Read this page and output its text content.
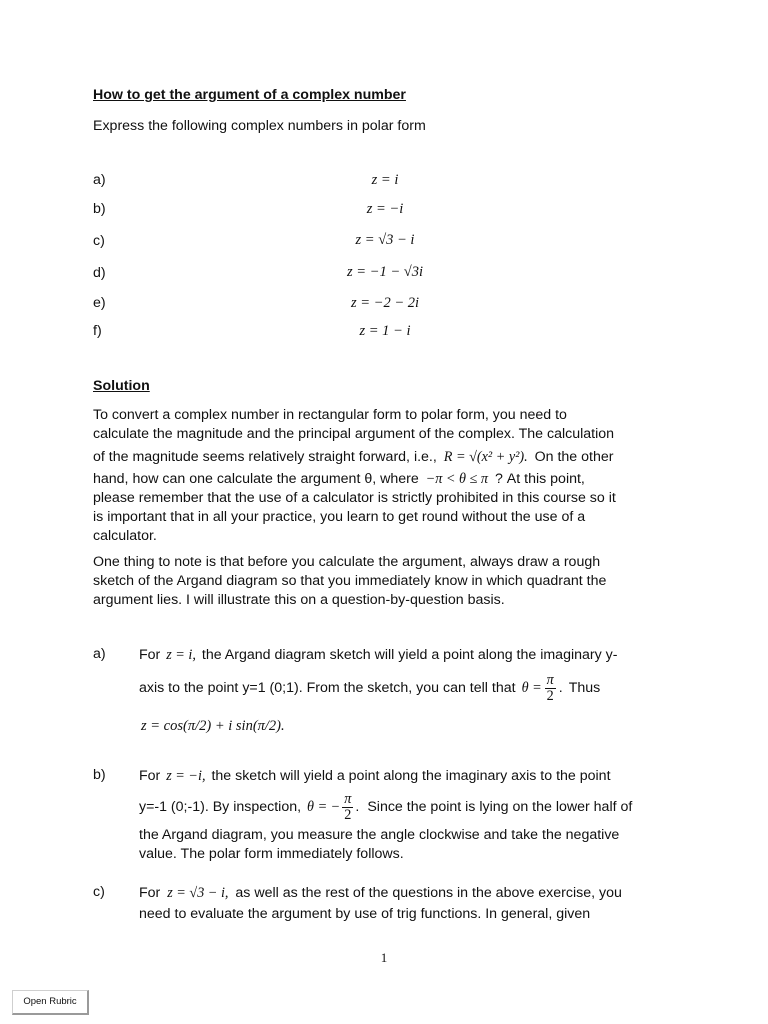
How to get the argument of a complex number
Express the following complex numbers in polar form
a)	z = i
b)	z = −i
c)	z = √3 − i
d)	z = −1 − √3i
e)	z = −2 − 2i
f)	z = 1 − i
Solution
To convert a complex number in rectangular form to polar form, you need to
calculate the magnitude and the principal argument of the complex. The calculation
of the magnitude seems relatively straight forward, i.e., R = √(x² + y²). On the other
hand, how can one calculate the argument θ, where −π < θ ≤ π ? At this point,
please remember that the use of a calculator is strictly prohibited in this course so it
is important that in all your practice, you learn to get round without the use of a
calculator.
One thing to note is that before you calculate the argument, always draw a rough
sketch of the Argand diagram so that you immediately know in which quadrant the
argument lies. I will illustrate this on a question-by-question basis.
a) For z = i, the Argand diagram sketch will yield a point along the imaginary y-
axis to the point y=1 (0;1). From the sketch, you can tell that $\theta = \frac{\pi}{2}$ . Thus
z = cos(π/2) + i sin(π/2).
b) For z = −i, the sketch will yield a point along the imaginary axis to the point
y=-1 (0;-1). By inspection, θ = − $\frac{\pi}{2}$ . Since the point is lying on the lower half of
the Argand diagram, you measure the angle clockwise and take the negative
value. The polar form immediately follows.
c) For z = √3 − i, as well as the rest of the questions in the above exercise, you
need to evaluate the argument by use of trig functions. In general, given
1
Open Rubric
